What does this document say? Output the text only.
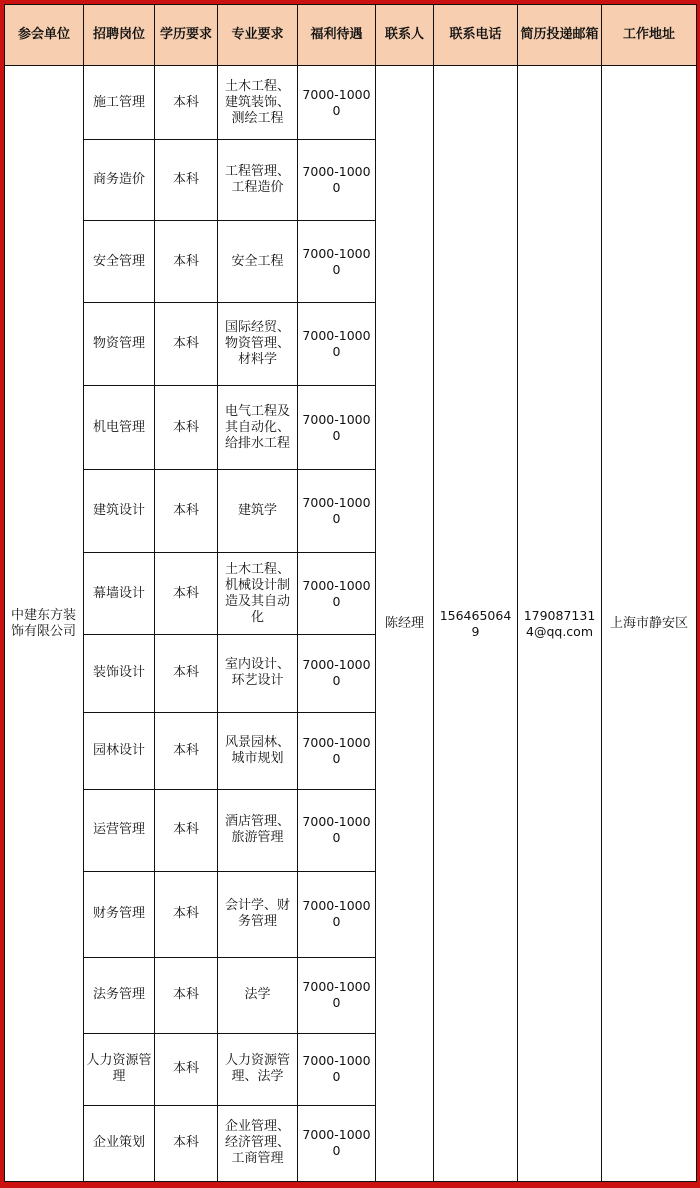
参会单位	招聘岗位	学历要求	专业要求	福利待遇	联系人	联系电话	简历投递邮箱	工作地址
中建东方装饰有限公司	施工管理	本科	土木工程、建筑装饰、测绘工程	7000-10000	陈经理	1564650649	1790871314@qq.com	上海市静安区
	商务造价	本科	工程管理、工程造价	7000-10000				
	安全管理	本科	安全工程	7000-10000				
	物资管理	本科	国际经贸、物资管理、材料学	7000-10000				
	机电管理	本科	电气工程及其自动化、给排水工程	7000-10000				
	建筑设计	本科	建筑学	7000-10000				
	幕墙设计	本科	土木工程、机械设计制造及其自动化	7000-10000				
	装饰设计	本科	室内设计、环艺设计	7000-10000				
	园林设计	本科	风景园林、城市规划	7000-10000				
	运营管理	本科	酒店管理、旅游管理	7000-10000				
	财务管理	本科	会计学、财务管理	7000-10000				
	法务管理	本科	法学	7000-10000				
	人力资源管理	本科	人力资源管理、法学	7000-10000				
	企业策划	本科	企业管理、经济管理、工商管理	7000-10000				
